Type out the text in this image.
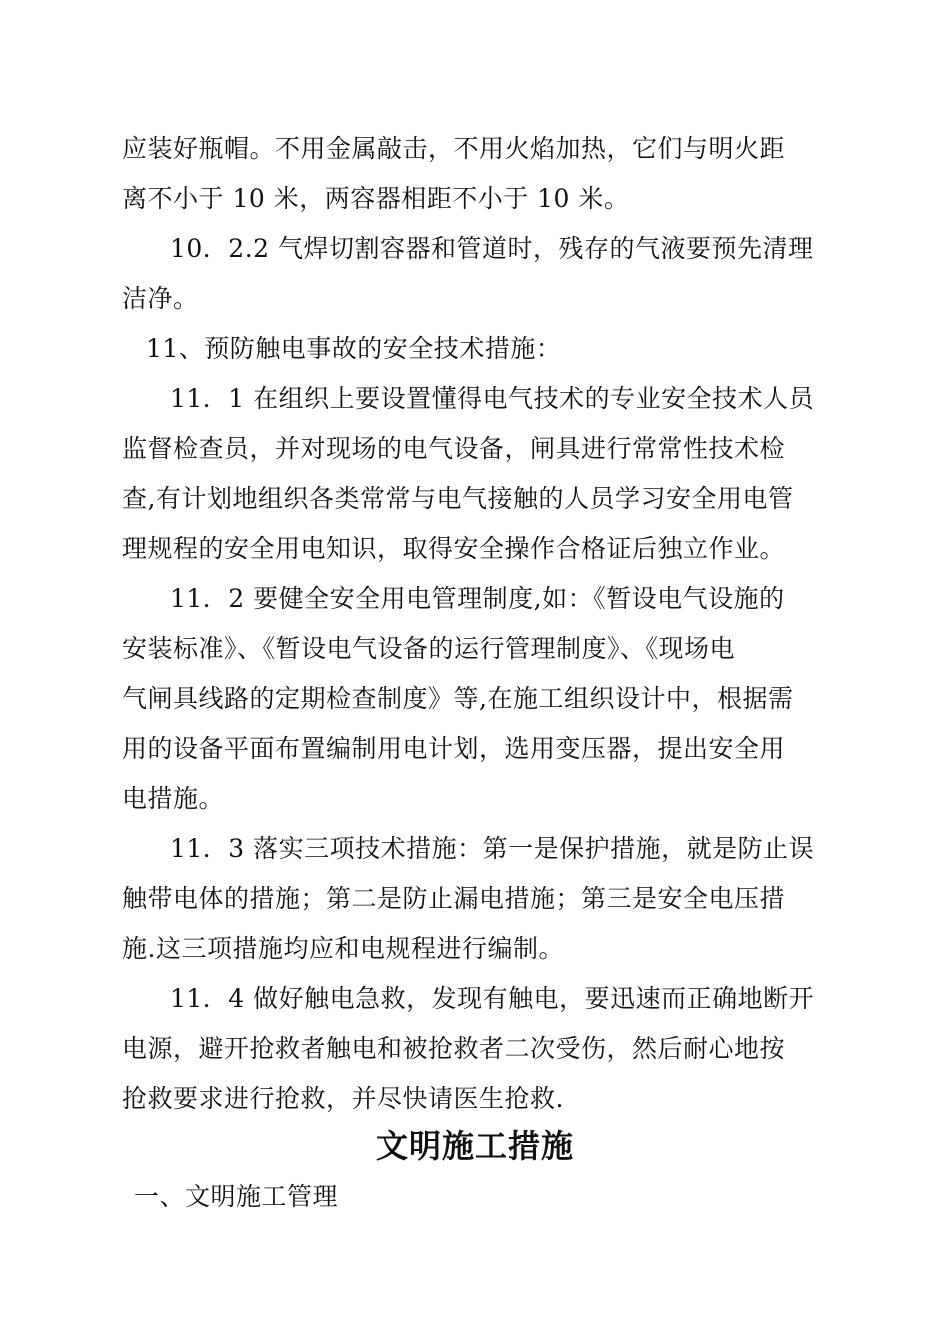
应装好瓶帽。不用金属敲击，不用火焰加热，它们与明火距
离不小于 10 米，两容器相距不小于 10 米。
10．2.2 气焊切割容器和管道时，残存的气液要预先清理
洁净。
11、预防触电事故的安全技术措施：
11．1 在组织上要设置懂得电气技术的专业安全技术人员
监督检查员，并对现场的电气设备，闸具进行常常性技术检
查,有计划地组织各类常常与电气接触的人员学习安全用电管
理规程的安全用电知识，取得安全操作合格证后独立作业。
11．2 要健全安全用电管理制度,如：《暂设电气设施的
安装标准》、《暂设电气设备的运行管理制度》、《现场电
气闸具线路的定期检查制度》等,在施工组织设计中，根据需
用的设备平面布置编制用电计划，选用变压器，提出安全用
电措施。
11．3 落实三项技术措施：第一是保护措施，就是防止误
触带电体的措施；第二是防止漏电措施；第三是安全电压措
施.这三项措施均应和电规程进行编制。
11．4 做好触电急救，发现有触电，要迅速而正确地断开
电源，避开抢救者触电和被抢救者二次受伤，然后耐心地按
抢救要求进行抢救，并尽快请医生抢救.
文明施工措施
一、文明施工管理
